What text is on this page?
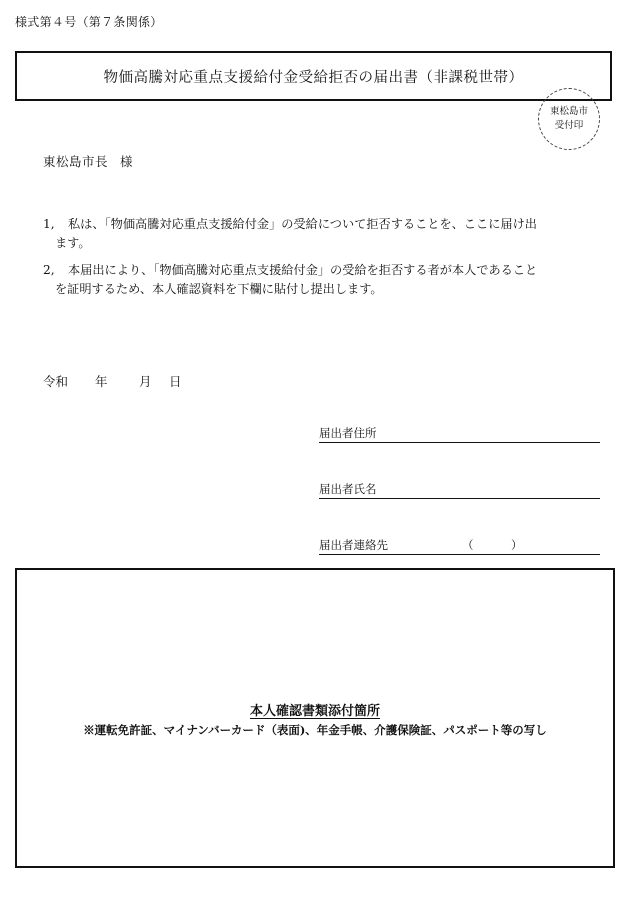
様式第４号（第７条関係）
物価高騰対応重点支援給付金受給拒否の届出書（非課税世帯）
東松島市
受付印
東松島市長 様
1,	私は、「物価高騰対応重点支援給付金」の受給について拒否することを、ここに届け出
ます。
2,	本届出により、「物価高騰対応重点支援給付金」の受給を拒否する者が本人であること
を証明するため、本人確認資料を下欄に貼付し提出します。
令和 年	月 日
届出者住所
届出者氏名
届出者連絡先	（	）
本人確認書類添付箇所
※運転免許証、マイナンバーカード（表面)、年金手帳、介護保険証、パスポート等の写し
